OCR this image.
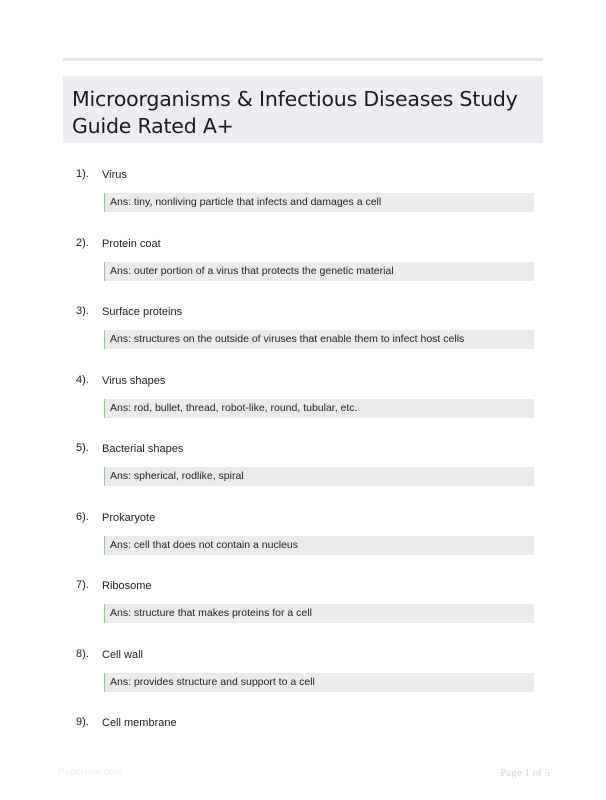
Microorganisms & Infectious Diseases Study Guide Rated A+
1). Virus
Ans: tiny, nonliving particle that infects and damages a cell
2). Protein coat
Ans: outer portion of a virus that protects the genetic material
3). Surface proteins
Ans: structures on the outside of viruses that enable them to infect host cells
4). Virus shapes
Ans: rod, bullet, thread, robot-like, round, tubular, etc.
5). Bacterial shapes
Ans: spherical, rodlike, spiral
6). Prokaryote
Ans: cell that does not contain a nucleus
7). Ribosome
Ans: structure that makes proteins for a cell
8). Cell wall
Ans: provides structure and support to a cell
9). Cell membrane
Paperbite.com	Page 1 of 5
